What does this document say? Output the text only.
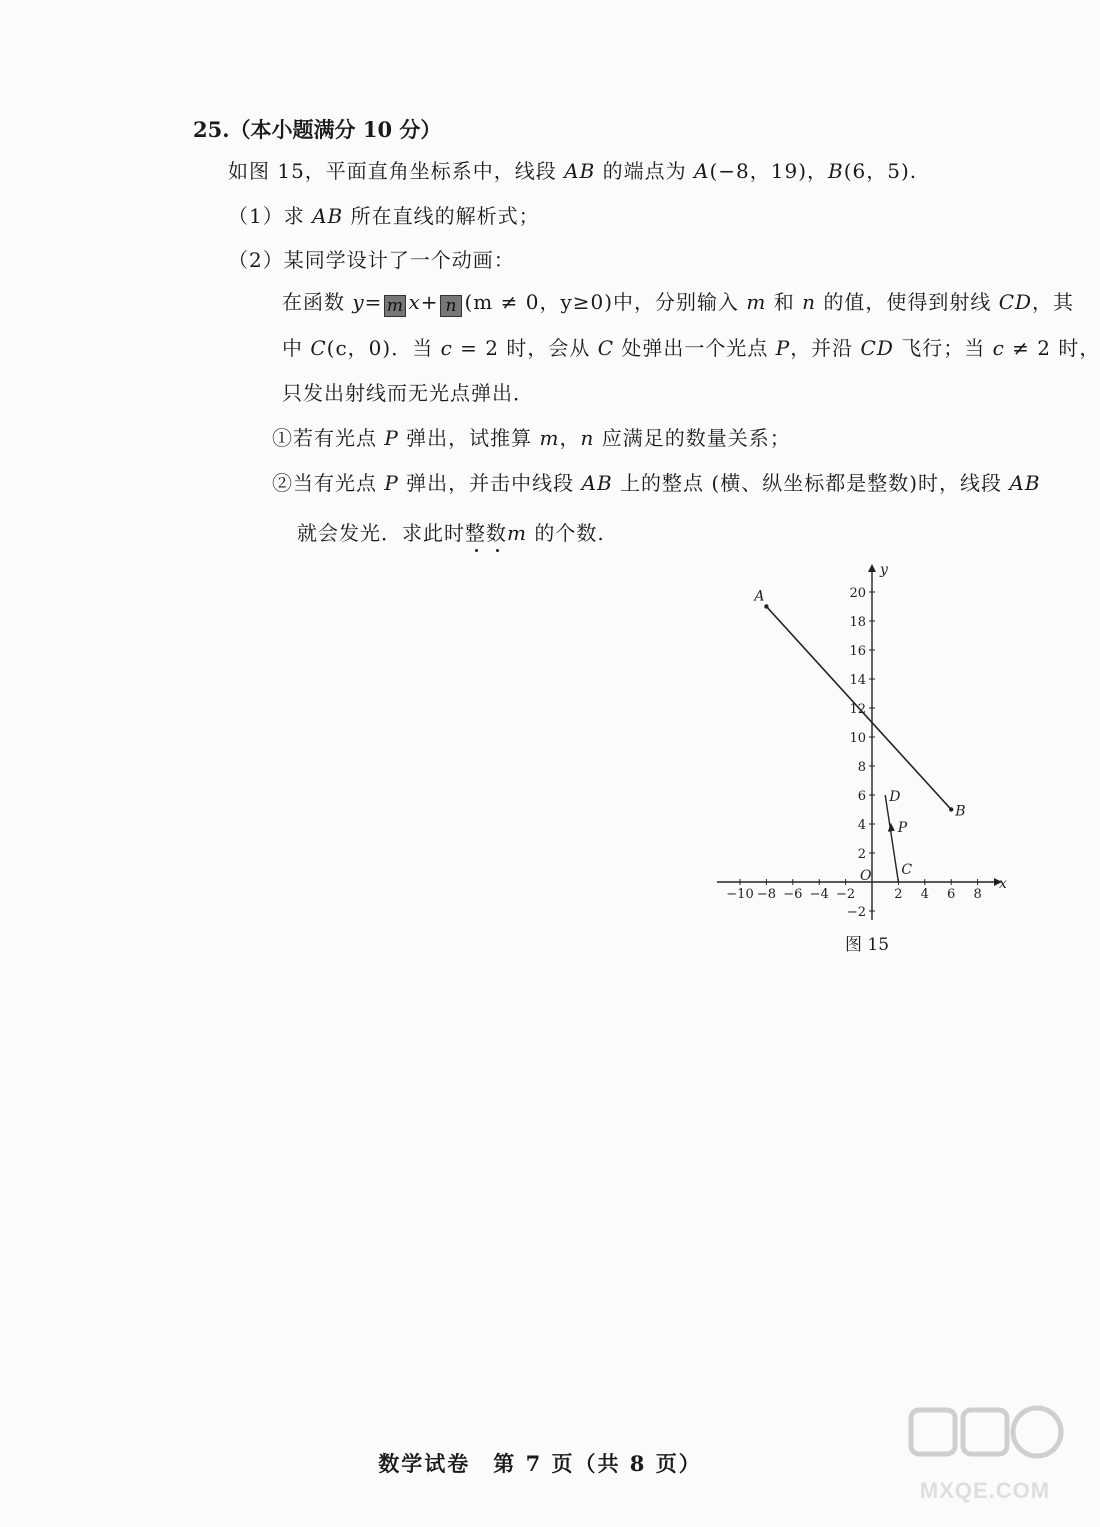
25.（本小题满分 10 分）
如图 15，平面直角坐标系中，线段 AB 的端点为 A(−8，19)，B(6，5).
（1）求 AB 所在直线的解析式；
（2）某同学设计了一个动画：
在函数 y= m x+ n (m ≠ 0，y≥0)中，分别输入 m 和 n 的值，使得到射线 CD，其
中 C(c，0)．当 c = 2 时，会从 C 处弹出一个光点 P，并沿 CD 飞行；当 c ≠ 2 时，
只发出射线而无光点弹出．
①若有光点 P 弹出，试推算 m，n 应满足的数量关系；
②当有光点 P 弹出，并击中线段 AB 上的整点 (横、纵坐标都是整数)时，线段 AB
就会发光．求此时整数m 的个数.
x
y
O
−10 −8 −6 −4 −2	2 4 6 8
−2
2
4
6
8
10
12
14
16
18
20
A
B
C
D
P
图 15
数学试卷　第 7 页（共 8 页）
MXQE.COM
